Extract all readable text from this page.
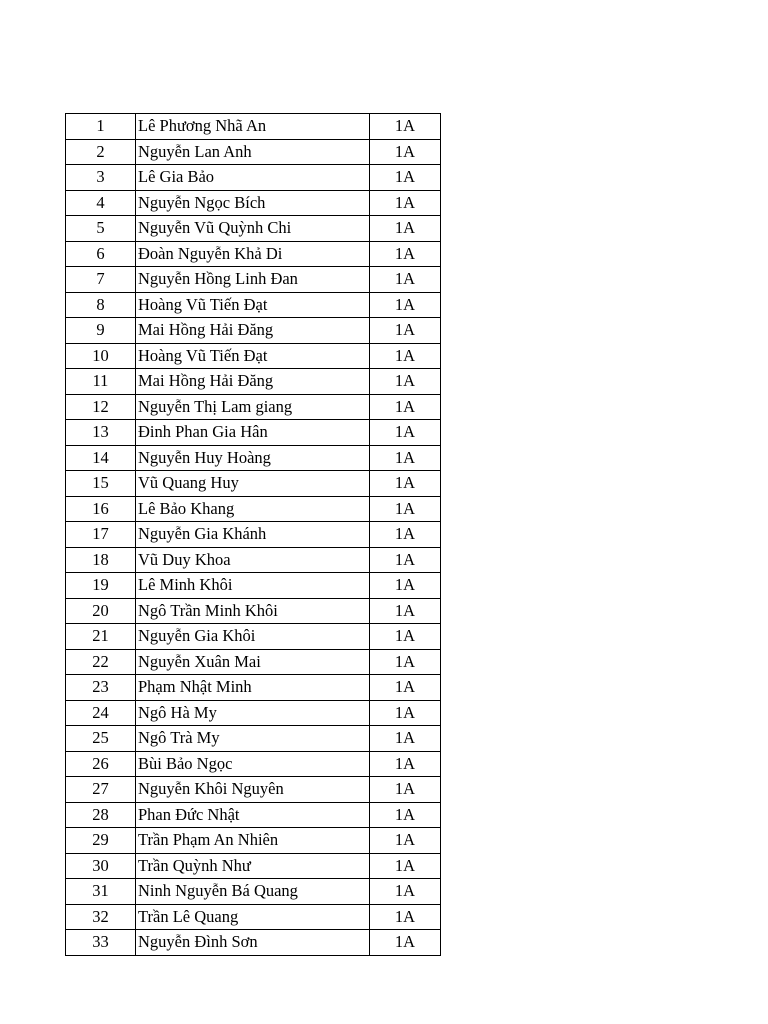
1	Lê Phương Nhã An	1A
2	Nguyễn Lan Anh	1A
3	Lê Gia Bảo	1A
4	Nguyễn Ngọc Bích	1A
5	Nguyễn Vũ Quỳnh Chi	1A
6	Đoàn Nguyễn Khả Di	1A
7	Nguyễn Hồng Linh Đan	1A
8	Hoàng Vũ Tiến Đạt	1A
9	Mai Hồng Hải Đăng	1A
10	Hoàng Vũ Tiến Đạt	1A
11	Mai Hồng Hải Đăng	1A
12	Nguyễn Thị Lam giang	1A
13	Đinh Phan Gia Hân	1A
14	Nguyễn Huy Hoàng	1A
15	Vũ Quang Huy	1A
16	Lê Bảo Khang	1A
17	Nguyễn Gia Khánh	1A
18	Vũ Duy Khoa	1A
19	Lê Minh Khôi	1A
20	Ngô Trần Minh Khôi	1A
21	Nguyễn Gia Khôi	1A
22	Nguyễn Xuân Mai	1A
23	Phạm Nhật Minh	1A
24	Ngô Hà My	1A
25	Ngô Trà My	1A
26	Bùi Bảo Ngọc	1A
27	Nguyễn Khôi Nguyên	1A
28	Phan Đức Nhật	1A
29	Trần Phạm An Nhiên	1A
30	Trần Quỳnh Như	1A
31	Ninh Nguyễn Bá Quang	1A
32	Trần Lê Quang	1A
33	Nguyễn Đình Sơn	1A
